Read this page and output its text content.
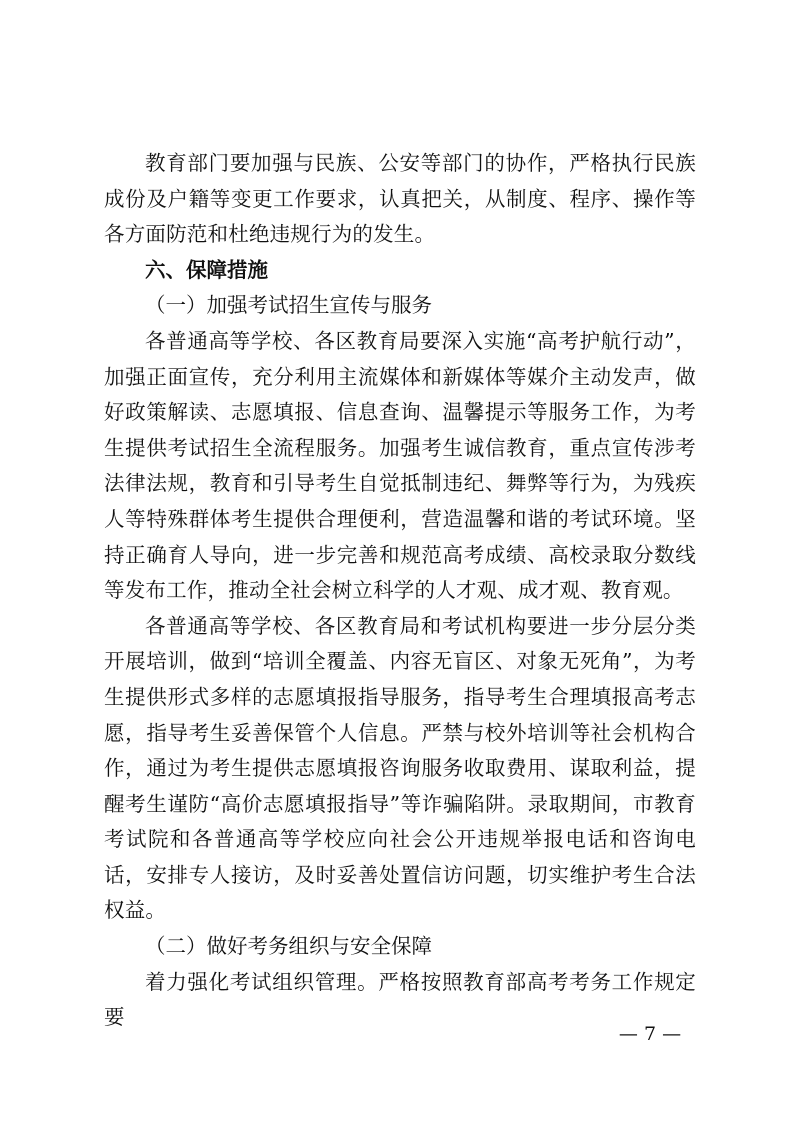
教育部门要加强与民族、公安等部门的协作，严格执行民族成份及户籍等变更工作要求，认真把关，从制度、程序、操作等各方面防范和杜绝违规行为的发生。

六、保障措施

（一）加强考试招生宣传与服务

各普通高等学校、各区教育局要深入实施“高考护航行动”，加强正面宣传，充分利用主流媒体和新媒体等媒介主动发声，做好政策解读、志愿填报、信息查询、温馨提示等服务工作，为考生提供考试招生全流程服务。加强考生诚信教育，重点宣传涉考法律法规，教育和引导考生自觉抵制违纪、舞弊等行为，为残疾人等特殊群体考生提供合理便利，营造温馨和谐的考试环境。坚持正确育人导向，进一步完善和规范高考成绩、高校录取分数线等发布工作，推动全社会树立科学的人才观、成才观、教育观。

各普通高等学校、各区教育局和考试机构要进一步分层分类开展培训，做到“培训全覆盖、内容无盲区、对象无死角”，为考生提供形式多样的志愿填报指导服务，指导考生合理填报高考志愿，指导考生妥善保管个人信息。严禁与校外培训等社会机构合作，通过为考生提供志愿填报咨询服务收取费用、谋取利益，提醒考生谨防“高价志愿填报指导”等诈骗陷阱。录取期间，市教育考试院和各普通高等学校应向社会公开违规举报电话和咨询电话，安排专人接访，及时妥善处置信访问题，切实维护考生合法权益。

（二）做好考务组织与安全保障

着力强化考试组织管理。严格按照教育部高考考务工作规定要

— 7 —
